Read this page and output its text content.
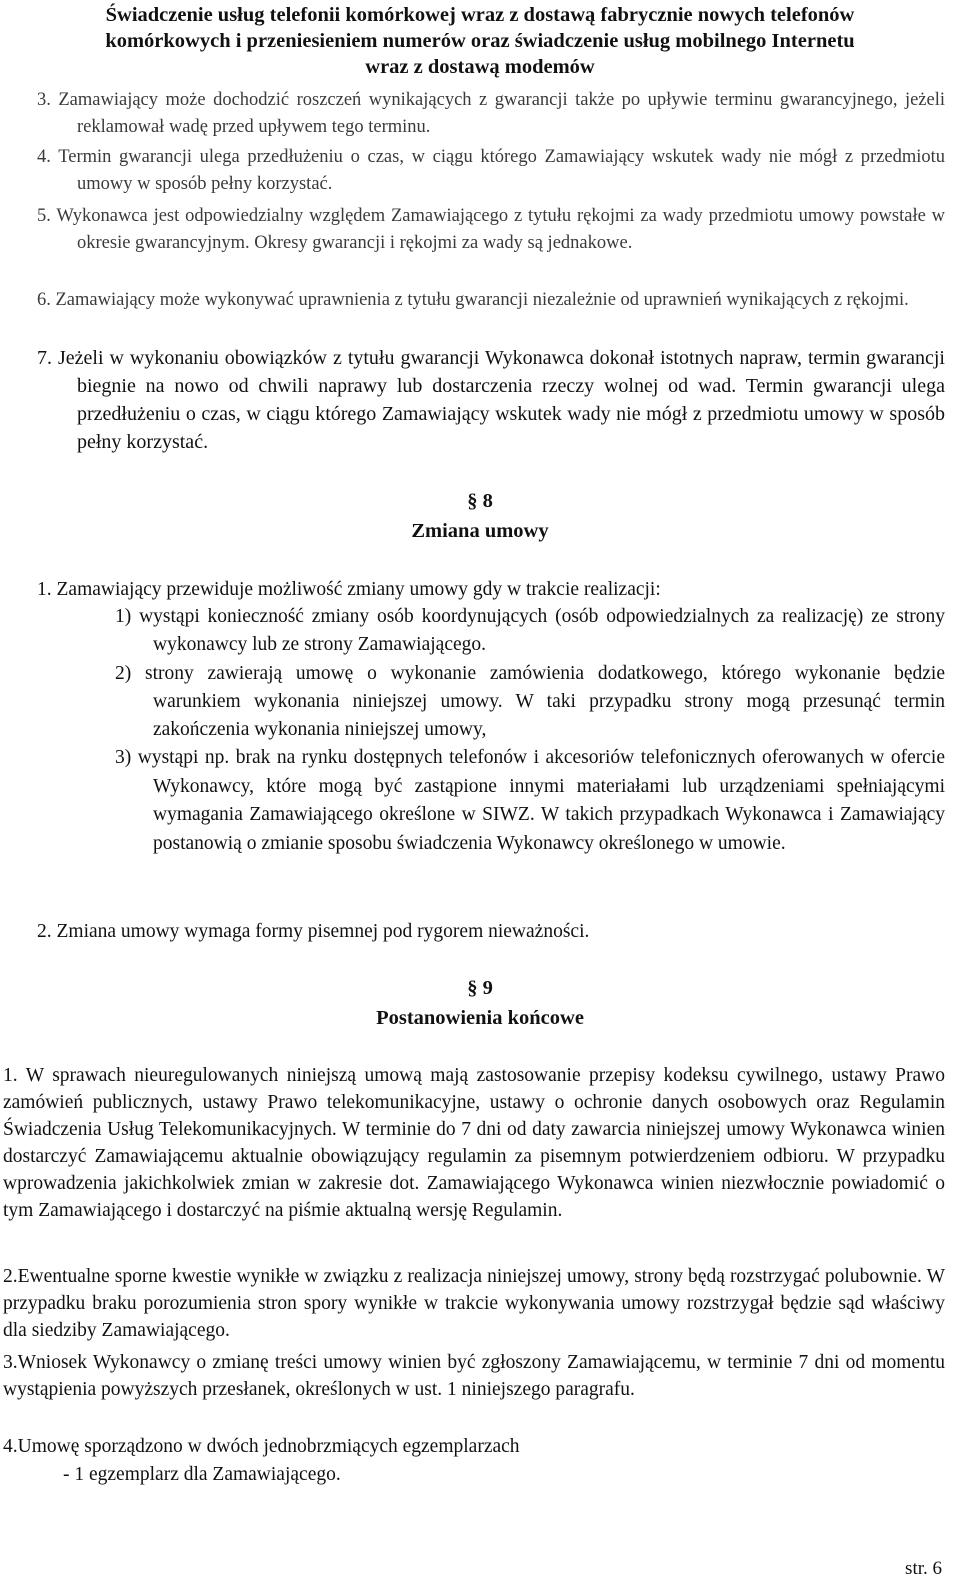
Świadczenie usług telefonii komórkowej wraz z dostawą fabrycznie nowych telefonów
komórkowych i przeniesieniem numerów oraz świadczenie usług mobilnego Internetu
wraz z dostawą modemów
3. Zamawiający może dochodzić roszczeń wynikających z gwarancji także po upływie terminu gwarancyjnego, jeżeli reklamował wadę przed upływem tego terminu.
4. Termin gwarancji ulega przedłużeniu o czas, w ciągu którego Zamawiający wskutek wady nie mógł z przedmiotu umowy w sposób pełny korzystać.
5. Wykonawca jest odpowiedzialny względem Zamawiającego z tytułu rękojmi za wady przedmiotu umowy powstałe w okresie gwarancyjnym. Okresy gwarancji i rękojmi za wady są jednakowe.
6. Zamawiający może wykonywać uprawnienia z tytułu gwarancji niezależnie od uprawnień wynikających z rękojmi.
7. Jeżeli w wykonaniu obowiązków z tytułu gwarancji Wykonawca dokonał istotnych napraw, termin gwarancji biegnie na nowo od chwili naprawy lub dostarczenia rzeczy wolnej od wad. Termin gwarancji ulega przedłużeniu o czas, w ciągu którego Zamawiający wskutek wady nie mógł z przedmiotu umowy w sposób pełny korzystać.
§ 8
Zmiana umowy
1. Zamawiający przewiduje możliwość zmiany umowy gdy w trakcie realizacji:
1) wystąpi konieczność zmiany osób koordynujących (osób odpowiedzialnych za realizację) ze strony wykonawcy lub ze strony Zamawiającego.
2) strony zawierają umowę o wykonanie zamówienia dodatkowego, którego wykonanie będzie warunkiem wykonania niniejszej umowy. W taki przypadku strony mogą przesunąć termin zakończenia wykonania niniejszej umowy,
3) wystąpi np. brak na rynku dostępnych telefonów i akcesoriów telefonicznych oferowanych w ofercie Wykonawcy, które mogą być zastąpione innymi materiałami lub urządzeniami spełniającymi wymagania Zamawiającego określone w SIWZ. W takich przypadkach Wykonawca i Zamawiający postanowią o zmianie sposobu świadczenia Wykonawcy określonego w umowie.
2. Zmiana umowy wymaga formy pisemnej pod rygorem nieważności.
§ 9
Postanowienia końcowe
1. W sprawach nieuregulowanych niniejszą umową mają zastosowanie przepisy kodeksu cywilnego, ustawy Prawo zamówień publicznych, ustawy Prawo telekomunikacyjne, ustawy o ochronie danych osobowych oraz Regulamin Świadczenia Usług Telekomunikacyjnych. W terminie do 7 dni od daty zawarcia niniejszej umowy Wykonawca winien dostarczyć Zamawiającemu aktualnie obowiązujący regulamin za pisemnym potwierdzeniem odbioru. W przypadku wprowadzenia jakichkolwiek zmian w zakresie dot. Zamawiającego Wykonawca winien niezwłocznie powiadomić o tym Zamawiającego i dostarczyć na piśmie aktualną wersję Regulamin.
2.Ewentualne sporne kwestie wynikłe w związku z realizacja niniejszej umowy, strony będą rozstrzygać polubownie. W przypadku braku porozumienia stron spory wynikłe w trakcie wykonywania umowy rozstrzygał będzie sąd właściwy dla siedziby Zamawiającego.
3.Wniosek Wykonawcy o zmianę treści umowy winien być zgłoszony Zamawiającemu, w terminie 7 dni od momentu wystąpienia powyższych przesłanek, określonych w ust. 1 niniejszego paragrafu.
4.Umowę sporządzono w dwóch jednobrzmiących egzemplarzach
- 1 egzemplarz dla Zamawiającego.
str. 6
